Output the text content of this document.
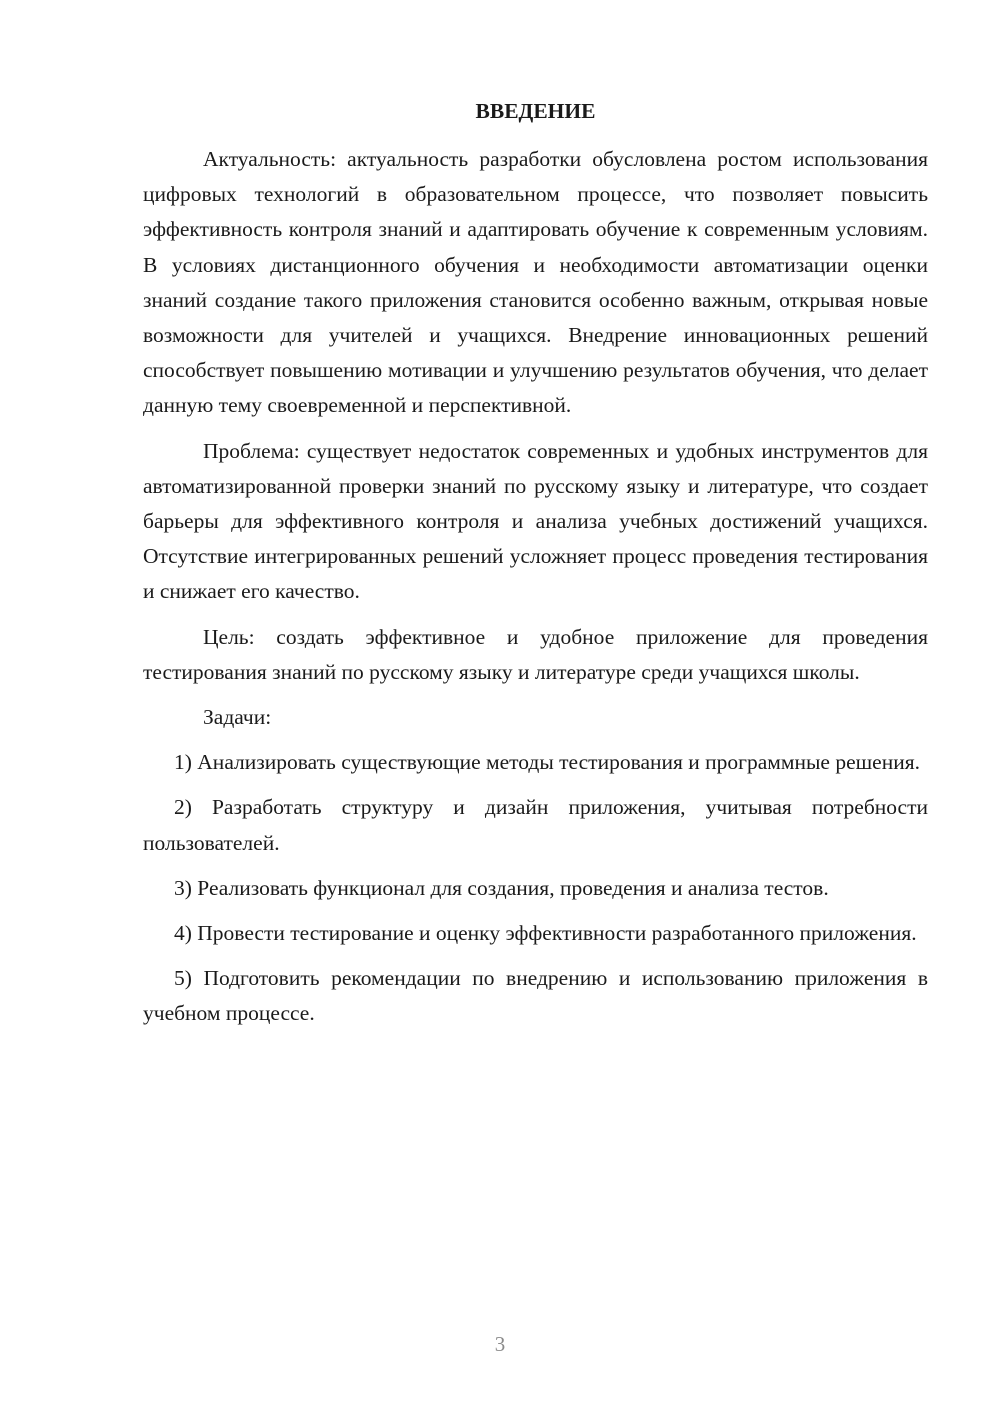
ВВЕДЕНИЕ

Актуальность: актуальность разработки обусловлена ростом использования цифровых технологий в образовательном процессе, что позволяет повысить эффективность контроля знаний и адаптировать обучение к современным условиям. В условиях дистанционного обучения и необходимости автоматизации оценки знаний создание такого приложения становится особенно важным, открывая новые возможности для учителей и учащихся. Внедрение инновационных решений способствует повышению мотивации и улучшению результатов обучения, что делает данную тему своевременной и перспективной.

Проблема: существует недостаток современных и удобных инструментов для автоматизированной проверки знаний по русскому языку и литературе, что создает барьеры для эффективного контроля и анализа учебных достижений учащихся. Отсутствие интегрированных решений усложняет процесс проведения тестирования и снижает его качество.

Цель: создать эффективное и удобное приложение для проведения тестирования знаний по русскому языку и литературе среди учащихся школы.

Задачи:

1) Анализировать существующие методы тестирования и программные решения.

2) Разработать структуру и дизайн приложения, учитывая потребности пользователей.

3) Реализовать функционал для создания, проведения и анализа тестов.

4) Провести тестирование и оценку эффективности разработанного приложения.

5) Подготовить рекомендации по внедрению и использованию приложения в учебном процессе.

3
